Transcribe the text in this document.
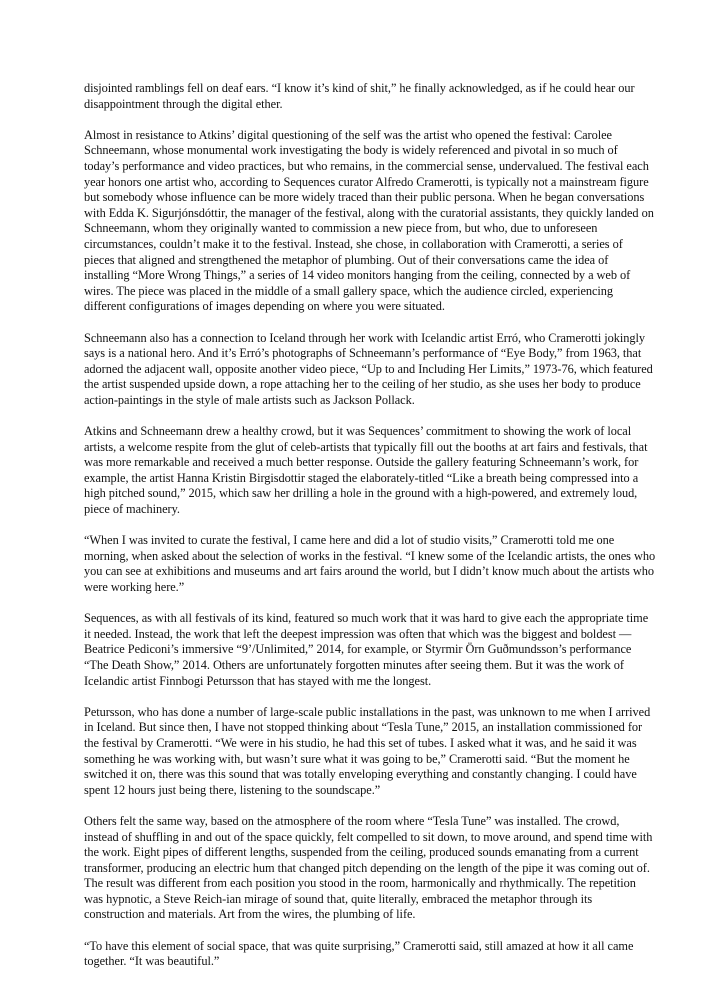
disjointed ramblings fell on deaf ears. “I know it’s kind of shit,” he finally acknowledged, as if he could hear our
disappointment through the digital ether.

Almost in resistance to Atkins’ digital questioning of the self was the artist who opened the festival: Carolee
Schneemann, whose monumental work investigating the body is widely referenced and pivotal in so much of
today’s performance and video practices, but who remains, in the commercial sense, undervalued. The festival each
year honors one artist who, according to Sequences curator Alfredo Cramerotti, is typically not a mainstream figure
but somebody whose influence can be more widely traced than their public persona. When he began conversations
with Edda K. Sigurjónsdóttir, the manager of the festival, along with the curatorial assistants, they quickly landed on
Schneemann, whom they originally wanted to commission a new piece from, but who, due to unforeseen
circumstances, couldn’t make it to the festival. Instead, she chose, in collaboration with Cramerotti, a series of
pieces that aligned and strengthened the metaphor of plumbing. Out of their conversations came the idea of
installing “More Wrong Things,” a series of 14 video monitors hanging from the ceiling, connected by a web of
wires. The piece was placed in the middle of a small gallery space, which the audience circled, experiencing
different configurations of images depending on where you were situated.

Schneemann also has a connection to Iceland through her work with Icelandic artist Erró, who Cramerotti jokingly
says is a national hero. And it’s Erró’s photographs of Schneemann’s performance of “Eye Body,” from 1963, that
adorned the adjacent wall, opposite another video piece, “Up to and Including Her Limits,” 1973-76, which featured
the artist suspended upside down, a rope attaching her to the ceiling of her studio, as she uses her body to produce
action-paintings in the style of male artists such as Jackson Pollack.

Atkins and Schneemann drew a healthy crowd, but it was Sequences’ commitment to showing the work of local
artists, a welcome respite from the glut of celeb-artists that typically fill out the booths at art fairs and festivals, that
was more remarkable and received a much better response. Outside the gallery featuring Schneemann’s work, for
example, the artist Hanna Kristin Birgisdottir staged the elaborately-titled “Like a breath being compressed into a
high pitched sound,” 2015, which saw her drilling a hole in the ground with a high-powered, and extremely loud,
piece of machinery.

“When I was invited to curate the festival, I came here and did a lot of studio visits,” Cramerotti told me one
morning, when asked about the selection of works in the festival. “I knew some of the Icelandic artists, the ones who
you can see at exhibitions and museums and art fairs around the world, but I didn’t know much about the artists who
were working here.”

Sequences, as with all festivals of its kind, featured so much work that it was hard to give each the appropriate time
it needed. Instead, the work that left the deepest impression was often that which was the biggest and boldest —
Beatrice Pediconi’s immersive “9’/Unlimited,” 2014, for example, or Styrmir Örn Guðmundsson’s performance
“The Death Show,” 2014. Others are unfortunately forgotten minutes after seeing them. But it was the work of
Icelandic artist Finnbogi Petursson that has stayed with me the longest.

Petursson, who has done a number of large-scale public installations in the past, was unknown to me when I arrived
in Iceland. But since then, I have not stopped thinking about “Tesla Tune,” 2015, an installation commissioned for
the festival by Cramerotti. “We were in his studio, he had this set of tubes. I asked what it was, and he said it was
something he was working with, but wasn’t sure what it was going to be,” Cramerotti said. “But the moment he
switched it on, there was this sound that was totally enveloping everything and constantly changing. I could have
spent 12 hours just being there, listening to the soundscape.”

Others felt the same way, based on the atmosphere of the room where “Tesla Tune” was installed. The crowd,
instead of shuffling in and out of the space quickly, felt compelled to sit down, to move around, and spend time with
the work. Eight pipes of different lengths, suspended from the ceiling, produced sounds emanating from a current
transformer, producing an electric hum that changed pitch depending on the length of the pipe it was coming out of.
The result was different from each position you stood in the room, harmonically and rhythmically. The repetition
was hypnotic, a Steve Reich-ian mirage of sound that, quite literally, embraced the metaphor through its
construction and materials. Art from the wires, the plumbing of life.

“To have this element of social space, that was quite surprising,” Cramerotti said, still amazed at how it all came
together. “It was beautiful.”
